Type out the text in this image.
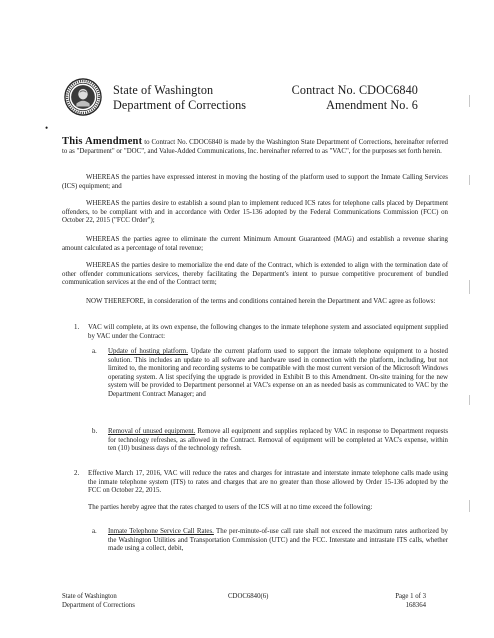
State of Washington
Department of Corrections
Contract No. CDOC6840
Amendment No. 6
•

This Amendment to Contract No. CDOC6840 is made by the Washington State Department of Corrections, hereinafter referred to as "Department" or "DOC", and Value-Added Communications, Inc. hereinafter referred to as "VAC", for the purposes set forth herein.

WHEREAS the parties have expressed interest in moving the hosting of the platform used to support the Inmate Calling Services (ICS) equipment; and

WHEREAS the parties desire to establish a sound plan to implement reduced ICS rates for telephone calls placed by Department offenders, to be compliant with and in accordance with Order 15-136 adopted by the Federal Communications Commission (FCC) on October 22, 2015 ("FCC Order");

WHEREAS the parties agree to eliminate the current Minimum Amount Guaranteed (MAG) and establish a revenue sharing amount calculated as a percentage of total revenue;

WHEREAS the parties desire to memorialize the end date of the Contract, which is extended to align with the termination date of other offender communications services, thereby facilitating the Department's intent to pursue competitive procurement of bundled communication services at the end of the Contract term;

NOW THEREFORE, in consideration of the terms and conditions contained herein the Department and VAC agree as follows:

1. VAC will complete, at its own expense, the following changes to the inmate telephone system and associated equipment supplied by VAC under the Contract:
a. Update of hosting platform. Update the current platform used to support the inmate telephone equipment to a hosted solution. This includes an update to all software and hardware used in connection with the platform, including, but not limited to, the monitoring and recording systems to be compatible with the most current version of the Microsoft Windows operating system. A list specifying the upgrade is provided in Exhibit B to this Amendment. On-site training for the new system will be provided to Department personnel at VAC's expense on an as needed basis as communicated to VAC by the Department Contract Manager; and
b. Removal of unused equipment. Remove all equipment and supplies replaced by VAC in response to Department requests for technology refreshes, as allowed in the Contract. Removal of equipment will be completed at VAC's expense, within ten (10) business days of the technology refresh.
2. Effective March 17, 2016, VAC will reduce the rates and charges for intrastate and interstate inmate telephone calls made using the inmate telephone system (ITS) to rates and charges that are no greater than those allowed by Order 15-136 adopted by the FCC on October 22, 2015.

The parties hereby agree that the rates charged to users of the ICS will at no time exceed the following:

a. Inmate Telephone Service Call Rates. The per-minute-of-use call rate shall not exceed the maximum rates authorized by the Washington Utilities and Transportation Commission (UTC) and the FCC. Interstate and intrastate ITS calls, whether made using a collect, debit,
State of Washington
Department of Corrections
CDOC6840(6)	Page 1 of 3
168364
